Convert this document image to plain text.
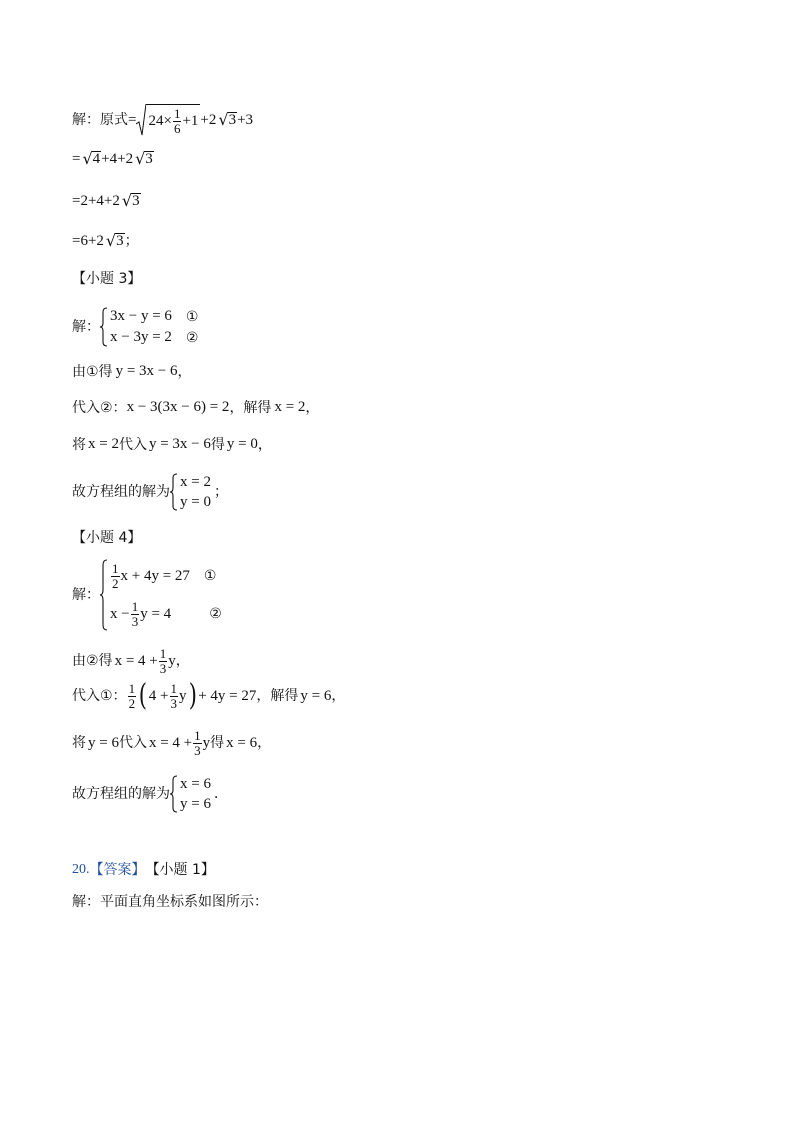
解：原式 = $24\times \frac{1}{6} +1 +2$ √ 3 +3
= √ 4 +4+2 √ 3
=2+4+2 √ 3
=6+2 √ 3 ；
【小题 3】
解：
3x − y = 6 ①
x − 3y = 2 ②
由①得 y = 3x − 6 ，
代入②： x − 3(3x − 6) = 2 ，解得 x = 2 ，
将 x = 2 代入 y = 3x − 6 得 y = 0 ，
故方程组的解为
x = 2
y = 0
；
【小题 4】
解：
$\frac{1}{2}$ x + 4y = 27 ①
$x - \frac{1}{3}$ y = 4	②
由②得 $x = 4 + \frac{1}{3}$ y ，
代入①： $\frac{1}{2}$ ( $4 + \frac{1}{3}$ y ) + 4y = 27 ，解得 y = 6 ，
将 y = 6 代入 $x = 4 + \frac{1}{3}$ y 得 x = 6 ，
故方程组的解为
x = 6
y = 6
．
20. 【答案】 【小题 1】
解：平面直角坐标系如图所示：
